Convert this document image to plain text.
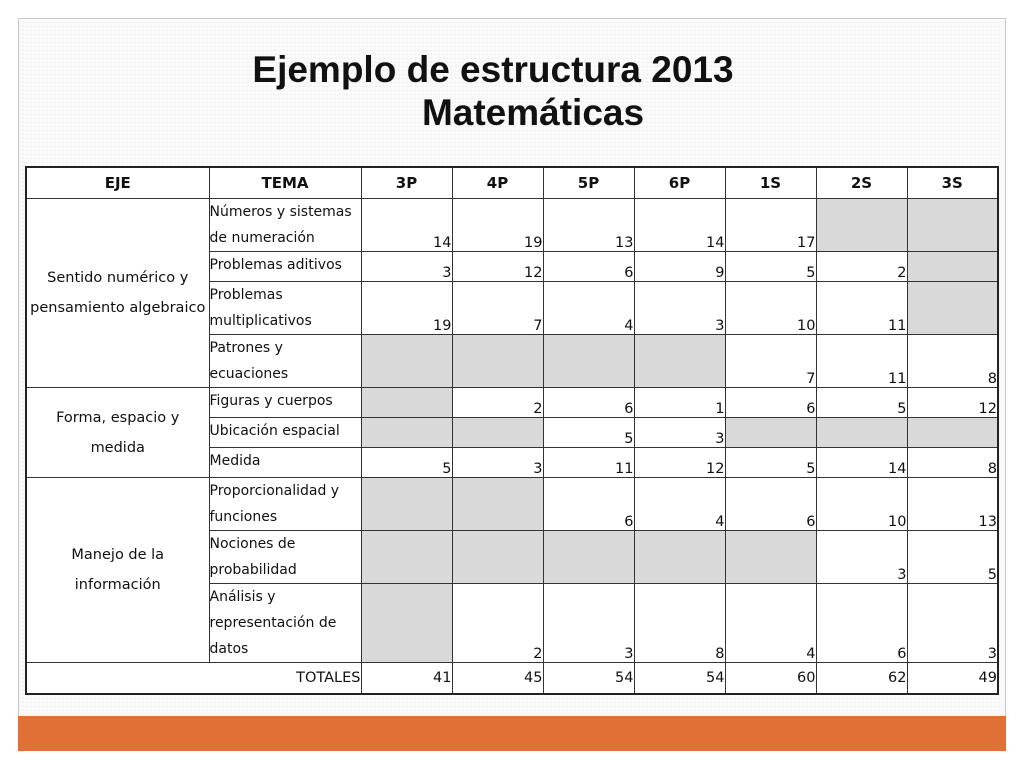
Ejemplo de estructura 2013
Matemáticas
EJE	TEMA	3P	4P	5P	6P	1S	2S	3S
Sentido numérico y pensamiento algebraico	Números y sistemas de numeración	14	19	13	14	17		
	Problemas aditivos	3	12	6	9	5	2	
	Problemas multiplicativos	19	7	4	3	10	11	
	Patrones y ecuaciones					7	11	8
Forma, espacio y medida	Figuras y cuerpos		2	6	1	6	5	12
	Ubicación espacial			5	3			
	Medida	5	3	11	12	5	14	8
Manejo de la información	Proporcionalidad y funciones			6	4	6	10	13
	Nociones de probabilidad						3	5
	Análisis y representación de datos		2	3	8	4	6	3
TOTALES		41	45	54	54	60	62	49
